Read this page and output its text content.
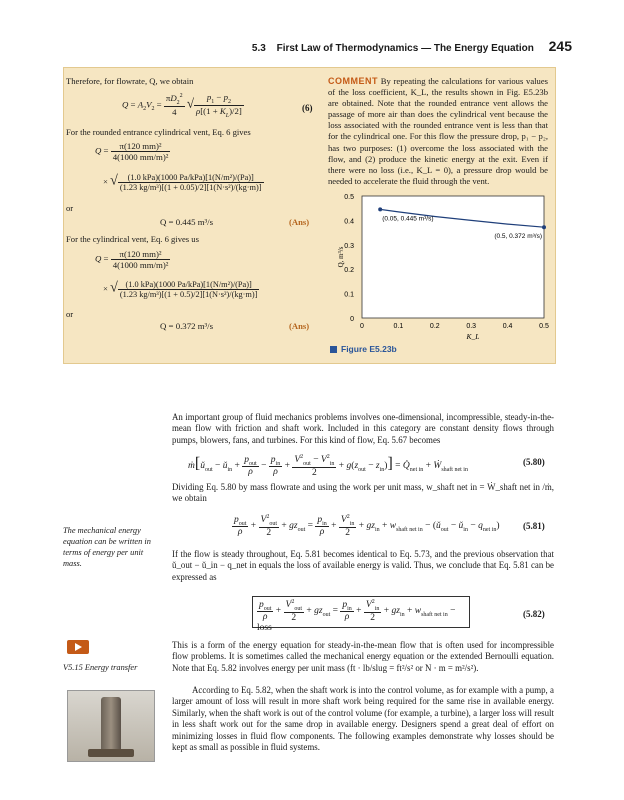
5.3 First Law of Thermodynamics — The Energy Equation 245
Therefore, for flowrate, Q, we obtain
$Q = A_2V_2 = \frac{\pi D_2^2}{4}$ √ $\frac{p_1 - p_2}{\rho[(1 + K_L)/2]}$	(6)
For the rounded entrance cylindrical vent, Eq. 6 gives
$Q = \frac{\text{π(120 mm)²}}{\text{4(1000 mm/m)²}}$
× √ $\frac{\text{(1.0 kPa)(1000 Pa/kPa)[1(N/m²)/(Pa)]}}{\text{(1.23 kg/m³)[(1 + 0.05)/2][1(N·s²)/(kg·m)]}}$
or
Q = 0.445 m³/s	(Ans)
For the cylindrical vent, Eq. 6 gives us
$Q = \frac{\text{π(120 mm)²}}{\text{4(1000 mm/m)²}}$
× √ $\frac{\text{(1.0 kPa)(1000 Pa/kPa)[1(N/m²)/(Pa)]}}{\text{(1.23 kg/m³)[(1 + 0.5)/2][1(N·s²)/(kg·m)]}}$
or
Q = 0.372 m³/s	(Ans)
COMMENT By repeating the calculations for various values of the loss coefficient, K_L, the results shown in Fig. E5.23b are obtained. Note that the rounded entrance vent allows the passage of more air than does the cylindrical vent because the loss associated with the rounded entrance vent is less than that for the cylindrical one. For this flow the pressure drop, p₁ − p₂, has two purposes: (1) overcome the loss associated with the flow, and (2) produce the kinetic energy at the exit. Even if there were no loss (i.e., K_L = 0), a pressure drop would be needed to accelerate the fluid through the vent.
0
0.1
0.2
0.3
0.4
0.5
0	0.1	0.2	0.3	0.4	0.5
K_L
Q, m³/s
(0.05, 0.445 m³/s)
(0.5, 0.372 m³/s)
Figure E5.23b
An important group of fluid mechanics problems involves one-dimensional, incompressible, steady-in-the-mean flow with friction and shaft work. Included in this category are constant density flows through pumps, blowers, fans, and turbines. For this kind of flow, Eq. 5.67 becomes
$ṁ[ǔ_{out}$ − $ǔ_{in} + \frac{p_{out}}{\rho} - \frac{p_{in}}{\rho} + \frac{V^2_{out} - V^2_{in}}{2} + g(z_{out} - z_{in})$] = $Q̇_{net in}$ + Ẇ$_{shaft net in}$
(5.80)
Dividing Eq. 5.80 by mass flowrate and using the work per unit mass, w_shaft net in = Ẇ_shaft net in /ṁ, we obtain
$\frac{p_{out}}{\rho} + \frac{V^2_{out}}{2} + gz_{out} = \frac{p_{in}}{\rho} + \frac{V^2_{in}}{2} + gz_{in} + w_{shaft net in}$ − ($ǔ_{out}$ − $ǔ_{in} - q_{net in}$)	(5.81)
The mechanical energy equation can be written in terms of energy per unit mass.
If the flow is steady throughout, Eq. 5.81 becomes identical to Eq. 5.73, and the previous observation that ǔ_out − ǔ_in − q_net in equals the loss of available energy is valid. Thus, we conclude that Eq. 5.81 can be expressed as
$\frac{p_{out}}{\rho} + \frac{V^2_{out}}{2} + gz_{out} = \frac{p_{in}}{\rho} + \frac{V^2_{in}}{2} + gz_{in} + w_{shaft net in}$ − loss
(5.82)
V5.15 Energy transfer
This is a form of the energy equation for steady-in-the-mean flow that is often used for incompressible flow problems. It is sometimes called the mechanical energy equation or the extended Bernoulli equation. Note that Eq. 5.82 involves energy per unit mass (ft · lb/slug = ft²/s² or N · m = m²/s²).
According to Eq. 5.82, when the shaft work is into the control volume, as for example with a pump, a larger amount of loss will result in more shaft work being required for the same rise in available energy. Similarly, when the shaft work is out of the control volume (for example, a turbine), a larger loss will result in less shaft work out for the same drop in available energy. Designers spend a great deal of effort on minimizing losses in fluid flow components. The following examples demonstrate why losses should be kept as small as possible in fluid systems.
